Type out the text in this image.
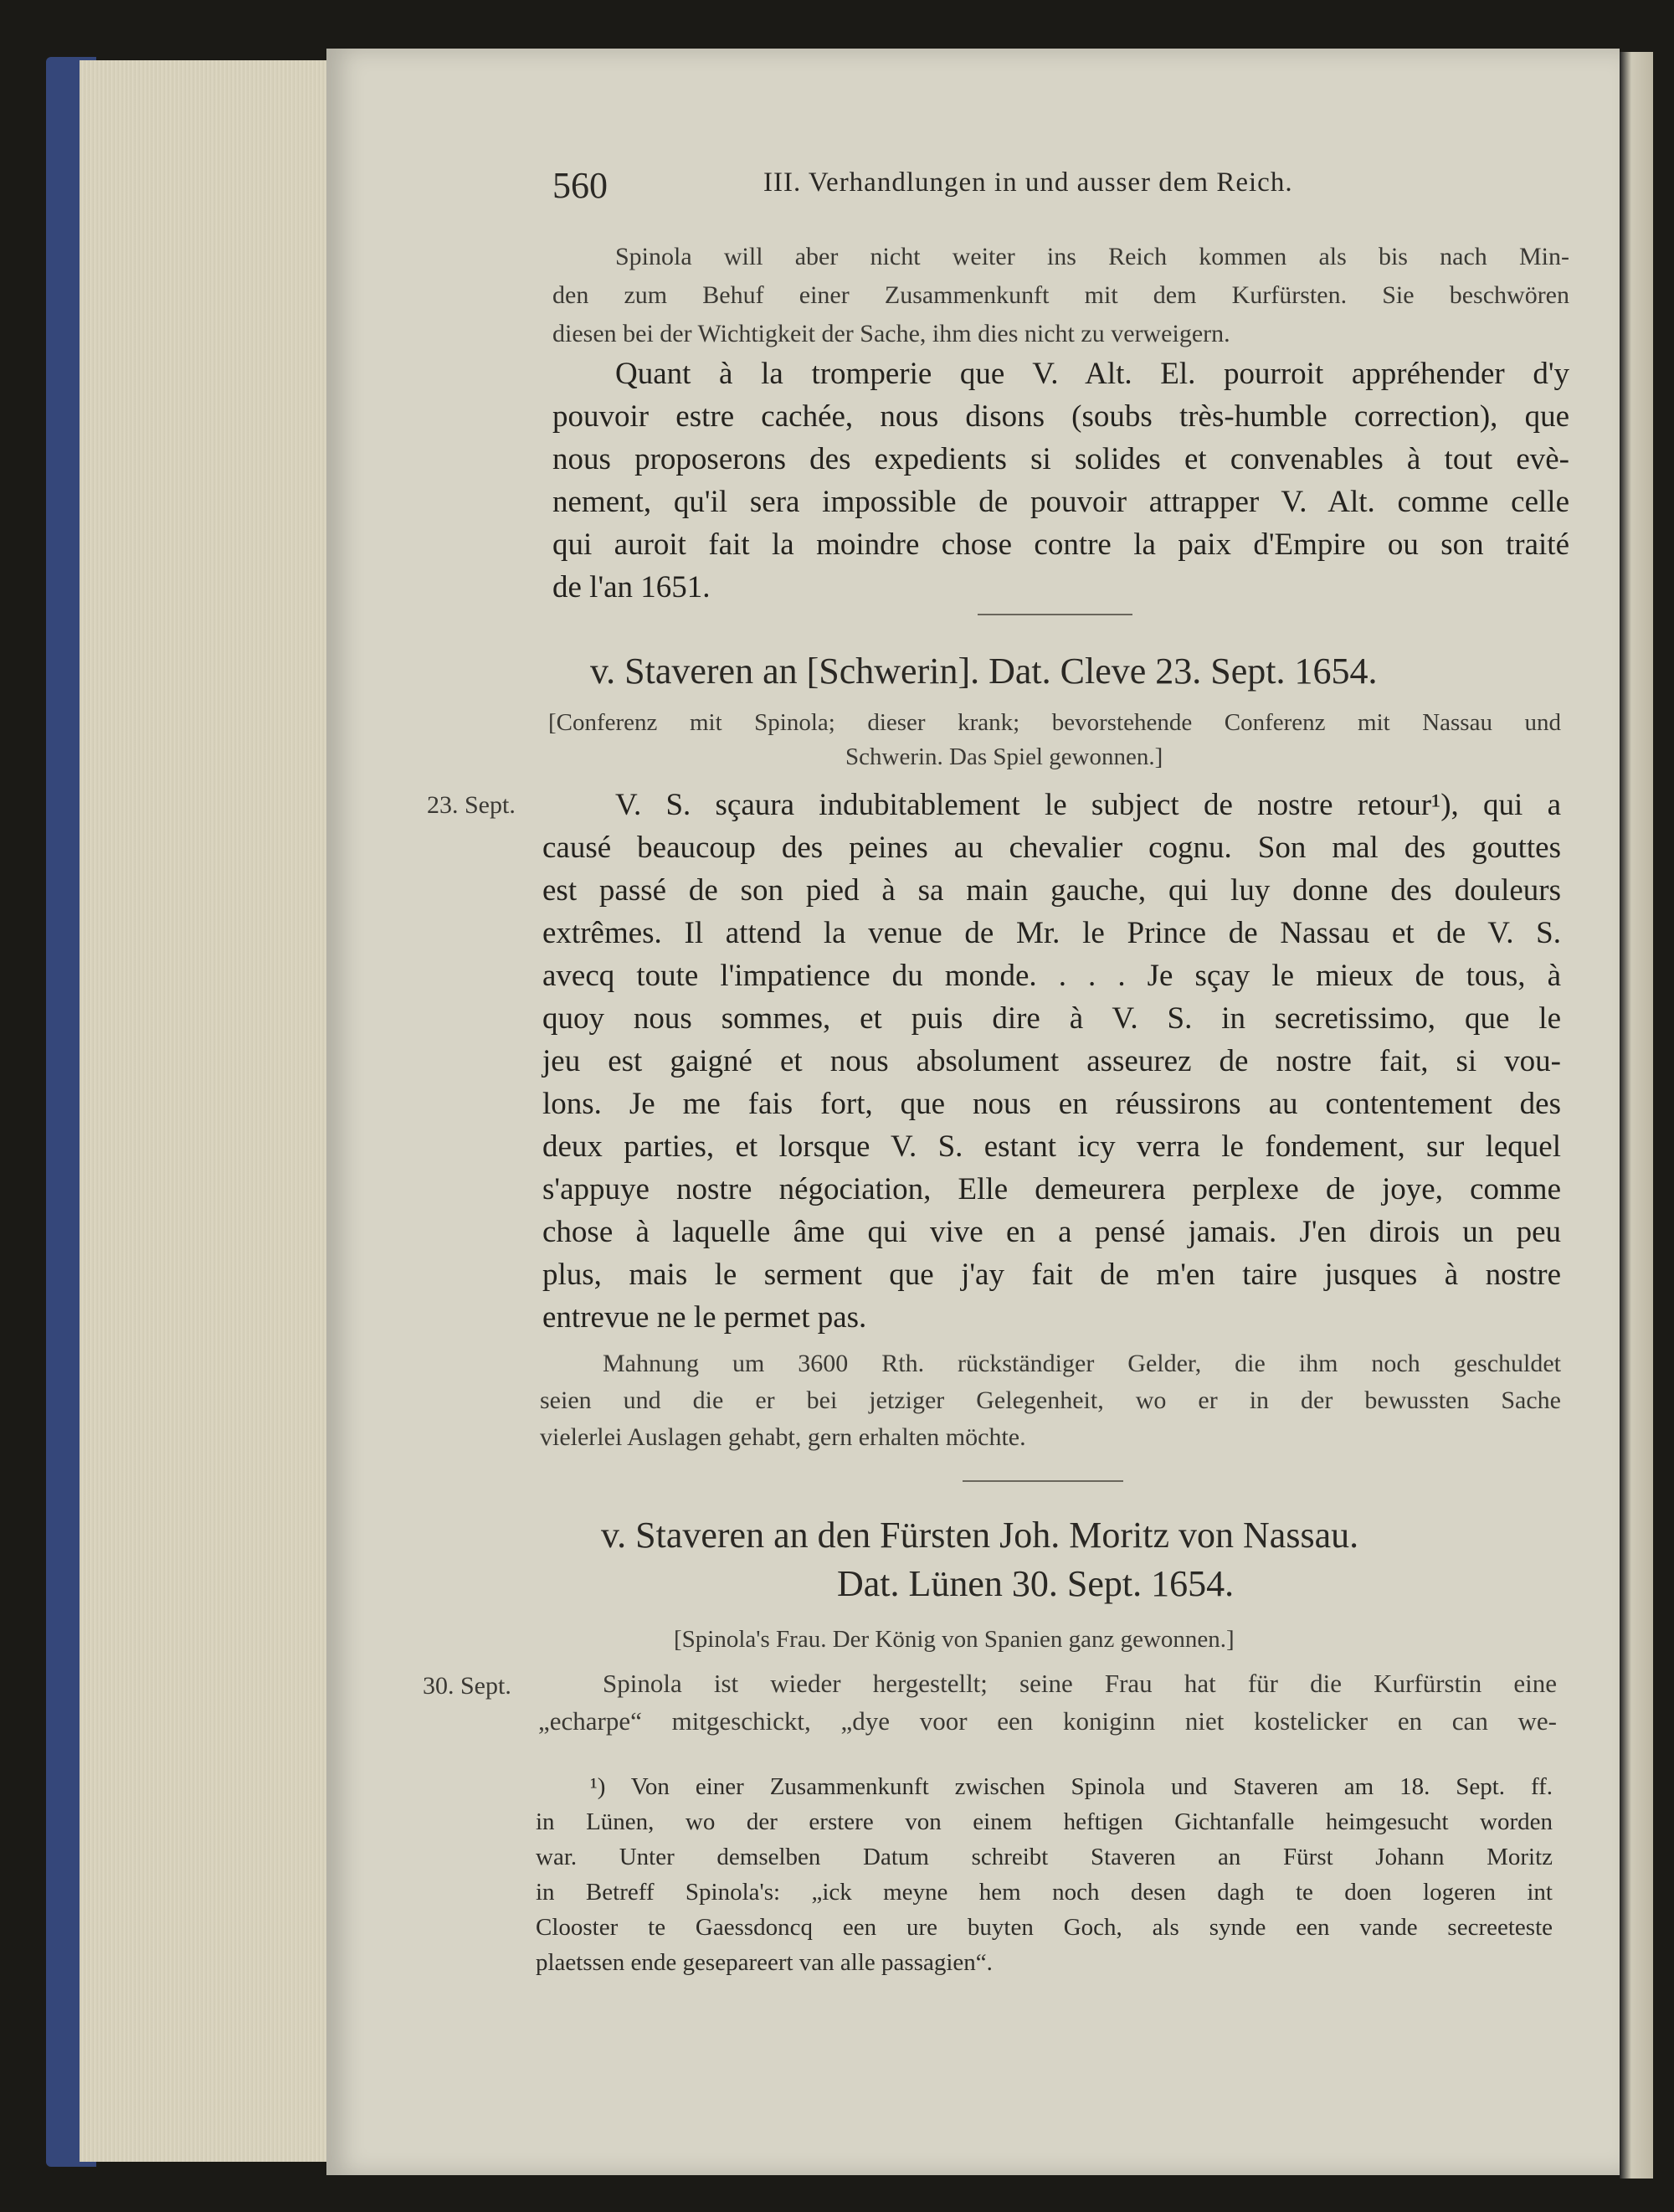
560	III. Verhandlungen in und ausser dem Reich.

Spinola will aber nicht weiter ins Reich kommen als bis nach Min-

den zum Behuf einer Zusammenkunft mit dem Kurfürsten. Sie beschwören

diesen bei der Wichtigkeit der Sache, ihm dies nicht zu verweigern.

Quant à la tromperie que V. Alt. El. pourroit appréhender d'y

pouvoir estre cachée, nous disons (soubs très-humble correction), que

nous proposerons des expedients si solides et convenables à tout evè-

nement, qu'il sera impossible de pouvoir attrapper V. Alt. comme celle

qui auroit fait la moindre chose contre la paix d'Empire ou son traité

de l'an 1651.

v. Staveren an [Schwerin]. Dat. Cleve 23. Sept. 1654.

[Conferenz mit Spinola; dieser krank; bevorstehende Conferenz mit Nassau und

Schwerin. Das Spiel gewonnen.]

23. Sept.	V. S. sçaura indubitablement le subject de nostre retour¹), qui a

causé beaucoup des peines au chevalier cognu. Son mal des gouttes

est passé de son pied à sa main gauche, qui luy donne des douleurs

extrêmes. Il attend la venue de Mr. le Prince de Nassau et de V. S.

avecq toute l'impatience du monde. . . . Je sçay le mieux de tous, à

quoy nous sommes, et puis dire à V. S. in secretissimo, que le

jeu est gaigné et nous absolument asseurez de nostre fait, si vou-

lons. Je me fais fort, que nous en réussirons au contentement des

deux parties, et lorsque V. S. estant icy verra le fondement, sur lequel

s'appuye nostre négociation, Elle demeurera perplexe de joye, comme

chose à laquelle âme qui vive en a pensé jamais. J'en dirois un peu

plus, mais le serment que j'ay fait de m'en taire jusques à nostre

entrevue ne le permet pas.

Mahnung um 3600 Rth. rückständiger Gelder, die ihm noch geschuldet

seien und die er bei jetziger Gelegenheit, wo er in der bewussten Sache

vielerlei Auslagen gehabt, gern erhalten möchte.

v. Staveren an den Fürsten Joh. Moritz von Nassau.

Dat. Lünen 30. Sept. 1654.

[Spinola's Frau. Der König von Spanien ganz gewonnen.]

30. Sept.	Spinola ist wieder hergestellt; seine Frau hat für die Kurfürstin eine

„echarpe“ mitgeschickt, „dye voor een koniginn niet kostelicker en can we-

¹) Von einer Zusammenkunft zwischen Spinola und Staveren am 18. Sept. ff.

in Lünen, wo der erstere von einem heftigen Gichtanfalle heimgesucht worden

war. Unter demselben Datum schreibt Staveren an Fürst Johann Moritz

in Betreff Spinola's: „ick meyne hem noch desen dagh te doen logeren int

Clooster te Gaessdoncq een ure buyten Goch, als synde een vande secreeteste

plaetssen ende gesepareert van alle passagien“.
